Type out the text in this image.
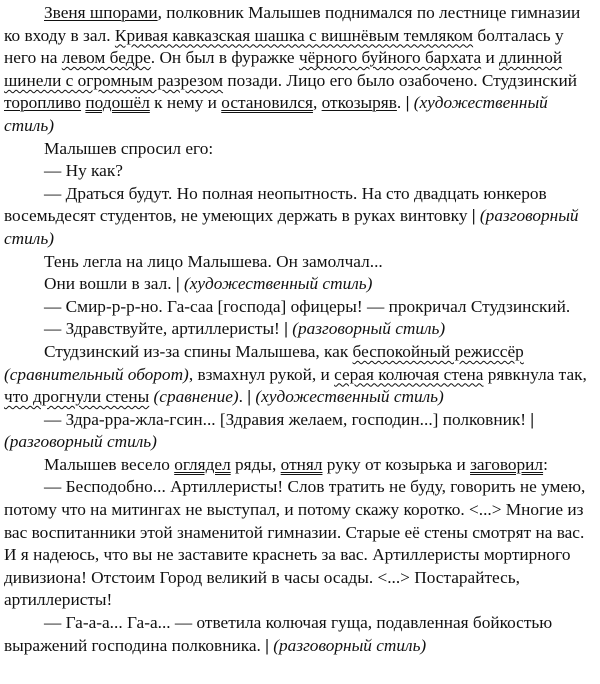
Звеня шпорами, полковник Малышев поднимался по лестнице гимназии ко входу в зал. Кривая кавказская шашка с вишнёвым темляком болталась у него на левом бедре. Он был в фуражке чёрного буйного бархата и длинной шинели с огромным разрезом позади. Лицо его было озабочено. Студзинский торопливо подошёл к нему и остановился, откозыряв. | (художественный стиль)

Малышев спросил его:

— Ну как?

— Драться будут. Но полная неопытность. На сто двадцать юнкеров восемьдесят студентов, не умеющих держать в руках винтовку | (разговорный стиль)

Тень легла на лицо Малышева. Он замолчал...

Они вошли в зал. | (художественный стиль)

— Смир-р-р-но. Га-саа [господа] офицеры! — прокричал Студзинский.

— Здравствуйте, артиллеристы! | (разговорный стиль)

Студзинский из-за спины Малышева, как беспокойный режиссёр (сравнительный оборот), взмахнул рукой, и серая колючая стена рявкнула так, что дрогнули стены (сравнение). | (художественный стиль)

— Здра-рра-жла-гсин... [Здравия желаем, господин...] полковник! | (разговорный стиль)

Малышев весело оглядел ряды, отнял руку от козырька и заговорил:

— Бесподобно... Артиллеристы! Слов тратить не буду, говорить не умею, потому что на митингах не выступал, и потому скажу коротко. <...> Многие из вас воспитанники этой знаменитой гимназии. Старые её стены смотрят на вас. И я надеюсь, что вы не заставите краснеть за вас. Артиллеристы мортирного дивизиона! Отстоим Город великий в часы осады. <...> Постарайтесь, артиллеристы!

— Га-а-а... Га-а... — ответила колючая гуща, подавленная бойкостью выражений господина полковника. | (разговорный стиль)
